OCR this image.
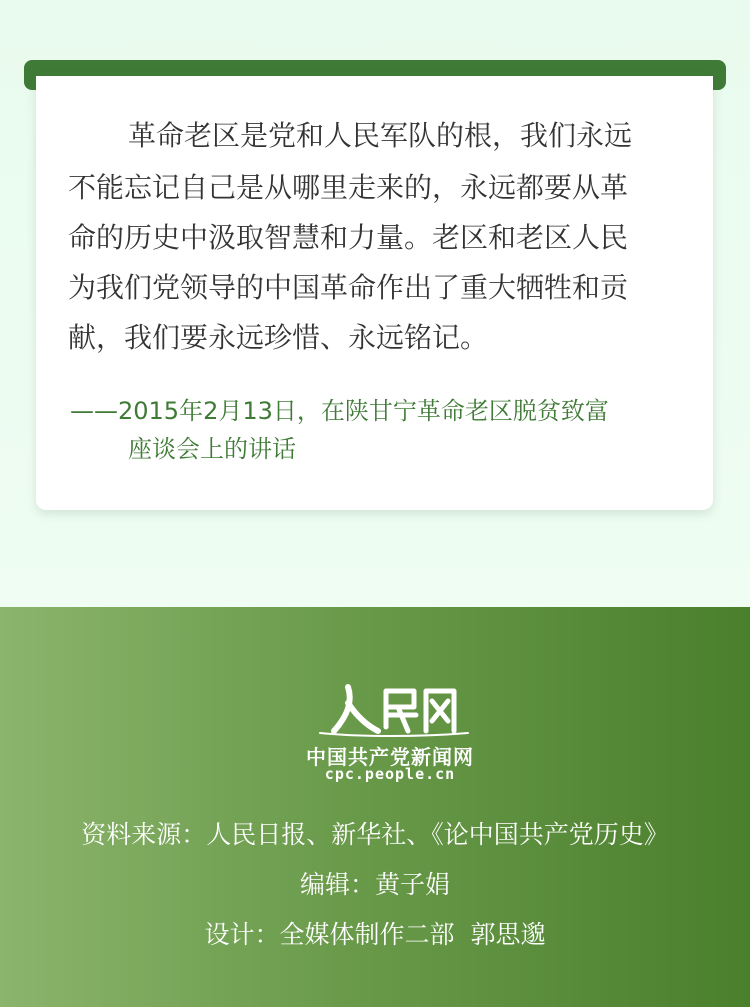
革命老区是党和人民军队的根，我们永远
不能忘记自己是从哪里走来的，永远都要从革
命的历史中汲取智慧和力量。老区和老区人民
为我们党领导的中国革命作出了重大牺牲和贡
献，我们要永远珍惜、永远铭记。
——2015年2月13日，在陕甘宁革命老区脱贫致富
座谈会上的讲话
中国共产党新闻网
cpc.people.cn
资料来源：人民日报、新华社、《论中国共产党历史》
编辑：黄子娟
设计：全媒体制作二部  郭思邈
